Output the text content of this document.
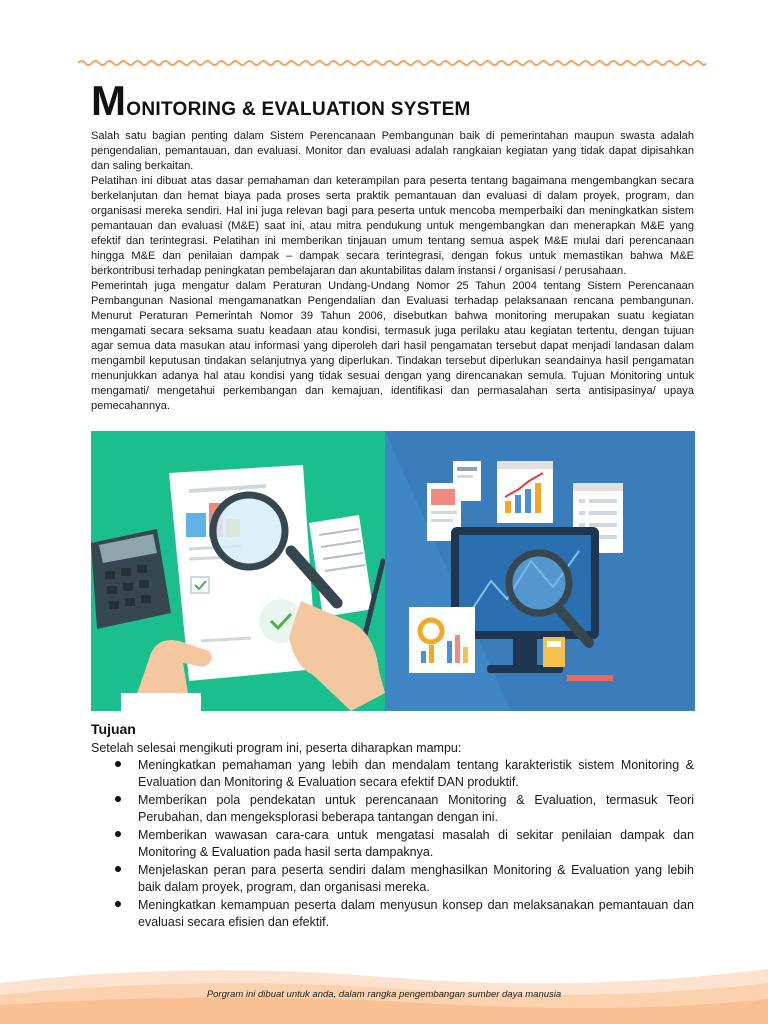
MONITORING & EVALUATION SYSTEM

Salah satu bagian penting dalam Sistem Perencanaan Pembangunan baik di pemerintahan maupun swasta adalah pengendalian, pemantauan, dan evaluasi. Monitor dan evaluasi adalah rangkaian kegiatan yang tidak dapat dipisahkan dan saling berkaitan.

Pelatihan ini dibuat atas dasar pemahaman dan keterampilan para peserta tentang bagaimana mengembangkan secara berkelanjutan dan hemat biaya pada proses serta praktik pemantauan dan evaluasi di dalam proyek, program, dan organisasi mereka sendiri. Hal ini juga relevan bagi para peserta untuk mencoba memperbaiki dan meningkatkan sistem pemantauan dan evaluasi (M&E) saat ini, atau mitra pendukung untuk mengembangkan dan menerapkan M&E yang efektif dan terintegrasi. Pelatihan ini memberikan tinjauan umum tentang semua aspek M&E mulai dari perencanaan hingga M&E dan penilaian dampak – dampak secara terintegrasi, dengan fokus untuk memastikan bahwa M&E berkontribusi terhadap peningkatan pembelajaran dan akuntabilitas dalam instansi / organisasi / perusahaan.

Pemerintah juga mengatur dalam Peraturan Undang-Undang Nomor 25 Tahun 2004 tentang Sistem Perencanaan Pembangunan Nasional mengamanatkan Pengendalian dan Evaluasi terhadap pelaksanaan rencana pembangunan. Menurut Peraturan Pemerintah Nomor 39 Tahun 2006, disebutkan bahwa monitoring merupakan suatu kegiatan mengamati secara seksama suatu keadaan atau kondisi, termasuk juga perilaku atau kegiatan tertentu, dengan tujuan agar semua data masukan atau informasi yang diperoleh dari hasil pengamatan tersebut dapat menjadi landasan dalam mengambil keputusan tindakan selanjutnya yang diperlukan. Tindakan tersebut diperlukan seandainya hasil pengamatan menunjukkan adanya hal atau kondisi yang tidak sesuai dengan yang direncanakan semula. Tujuan Monitoring untuk mengamati/ mengetahui perkembangan dan kemajuan, identifikasi dan permasalahan serta antisipasinya/ upaya pemecahannya.

Tujuan
Setelah selesai mengikuti program ini, peserta diharapkan mampu:
Meningkatkan pemahaman yang lebih dan mendalam tentang karakteristik sistem Monitoring & Evaluation dan Monitoring & Evaluation secara efektif DAN produktif.
Memberikan pola pendekatan untuk perencanaan Monitoring & Evaluation, termasuk Teori Perubahan, dan mengeksplorasi beberapa tantangan dengan ini.
Memberikan wawasan cara-cara untuk mengatasi masalah di sekitar penilaian dampak dan Monitoring & Evaluation pada hasil serta dampaknya.
Menjelaskan peran para peserta sendiri dalam menghasilkan Monitoring & Evaluation yang lebih baik dalam proyek, program, dan organisasi mereka.
Meningkatkan kemampuan peserta dalam menyusun konsep dan melaksanakan pemantauan dan evaluasi secara efisien dan efektif.
Porgram ini dibuat untuk anda, dalam rangka pengembangan sumber daya manusia
